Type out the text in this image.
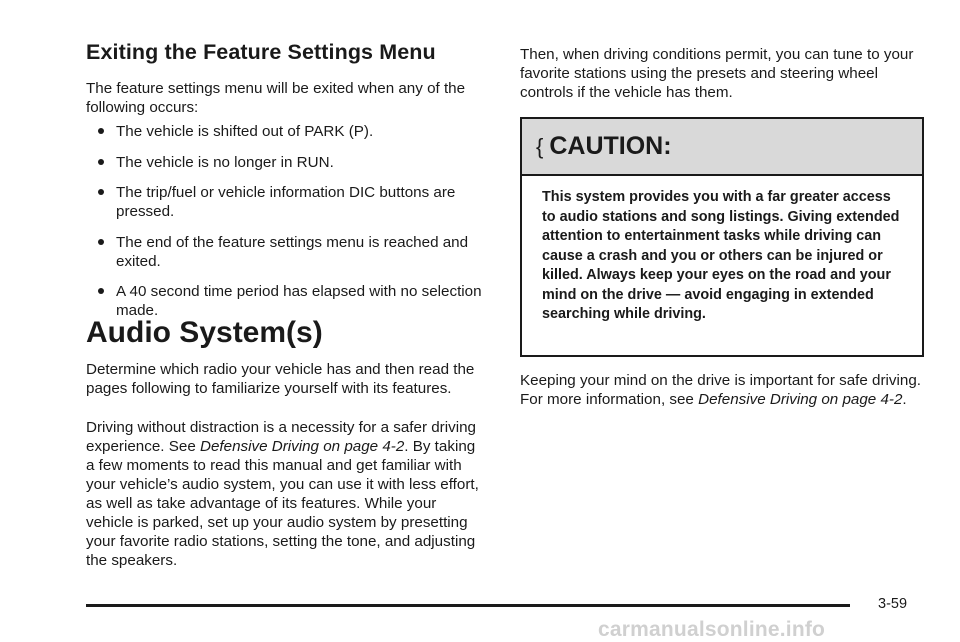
Exiting the Feature Settings Menu

The feature settings menu will be exited when any of the following occurs:

The vehicle is shifted out of PARK (P).
The vehicle is no longer in RUN.
The trip/fuel or vehicle information DIC buttons are pressed.
The end of the feature settings menu is reached and exited.
A 40 second time period has elapsed with no selection made.
Audio System(s)

Determine which radio your vehicle has and then read the pages following to familiarize yourself with its features.

Driving without distraction is a necessity for a safer driving experience. See Defensive Driving on page 4-2. By taking a few moments to read this manual and get familiar with your vehicle’s audio system, you can use it with less effort, as well as take advantage of its features. While your vehicle is parked, set up your audio system by presetting your favorite radio stations, setting the tone, and adjusting the speakers.

Then, when driving conditions permit, you can tune to your favorite stations using the presets and steering wheel controls if the vehicle has them.

{ CAUTION:
This system provides you with a far greater access to audio stations and song listings. Giving extended attention to entertainment tasks while driving can cause a crash and you or others can be injured or killed. Always keep your eyes on the road and your mind on the drive — avoid engaging in extended searching while driving.

Keeping your mind on the drive is important for safe driving. For more information, see Defensive Driving on page 4-2.

3-59
carmanualsonline.info
